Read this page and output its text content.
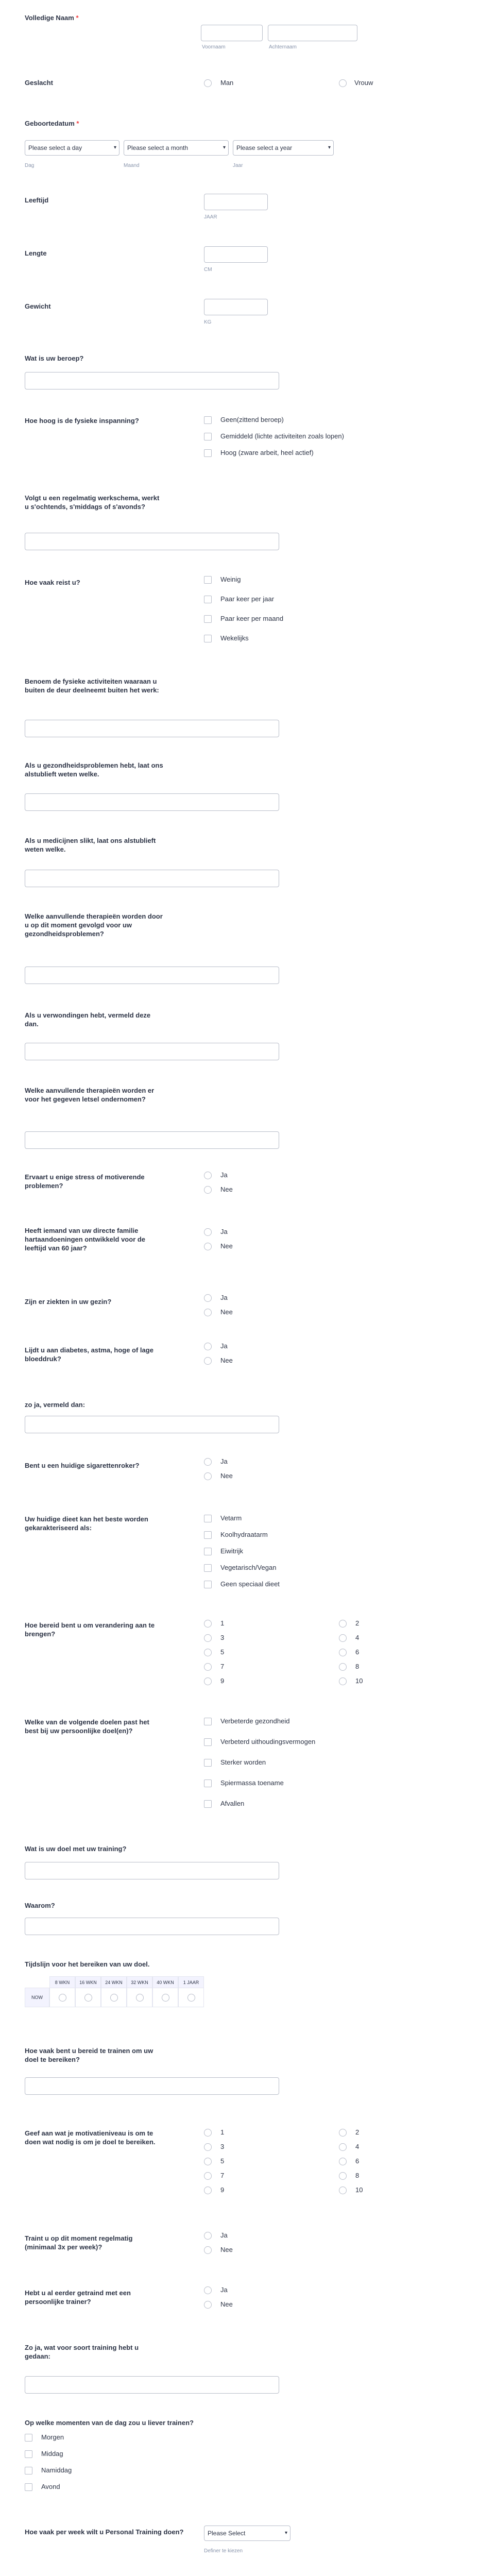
Volledige Naam *
Voornaam	Achternaam
Geslacht	Man	Vrouw
Geboortedatum *
Please select a day ▾	Please select a month ▾	Please select a year ▾
Dag	Maand	Jaar
Leeftijd
JAAR
Lengte
CM
Gewicht
KG
Wat is uw beroep?
Hoe hoog is de fysieke inspanning?	Geen(zittend beroep)
Gemiddeld (lichte activiteiten zoals lopen)
Hoog (zware arbeit, heel actief)
Volgt u een regelmatig werkschema, werkt u s'ochtends, s'middags of s'avonds?
Hoe vaak reist u?	Weinig
Paar keer per jaar
Paar keer per maand
Wekelijks
Benoem de fysieke activiteiten waaraan u buiten de deur deelneemt buiten het werk:
Als u gezondheidsproblemen hebt, laat ons alstublieft weten welke.
Als u medicijnen slikt, laat ons alstublieft weten welke.
Welke aanvullende therapieën worden door u op dit moment gevolgd voor uw gezondheidsproblemen?
Als u verwondingen hebt, vermeld deze dan.
Welke aanvullende therapieën worden er voor het gegeven letsel ondernomen?
Ervaart u enige stress of motiverende problemen?
Ja
Nee
Heeft iemand van uw directe familie hartaandoeningen ontwikkeld voor de leeftijd van 60 jaar?
Ja
Nee
Zijn er ziekten in uw gezin?
Ja
Nee
Lijdt u aan diabetes, astma, hoge of lage bloeddruk?
Ja
Nee
zo ja, vermeld dan:
Bent u een huidige sigarettenroker?
Ja
Nee
Uw huidige dieet kan het beste worden gekarakteriseerd als:
Vetarm
Koolhydraatarm
Eiwitrijk
Vegetarisch/Vegan
Geen speciaal dieet
Hoe bereid bent u om verandering aan te brengen?
1	2
3	4
5	6
7	8
9	10
Welke van de volgende doelen past het best bij uw persoonlijke doel(en)?
Verbeterde gezondheid
Verbeterd uithoudingsvermogen
Sterker worden
Spiermassa toename
Afvallen
Wat is uw doel met uw training?
Waarom?
Tijdslijn voor het bereiken van uw doel.
8 WKN	16 WKN	24 WKN	32 WKN	40 WKN	1 JAAR
NOW
Hoe vaak bent u bereid te trainen om uw doel te bereiken?
Geef aan wat je motivatieniveau is om te doen wat nodig is om je doel te bereiken.
1	2
3	4
5	6
7	8
9	10
Traint u op dit moment regelmatig (minimaal 3x per week)?
Ja
Nee
Hebt u al eerder getraind met een persoonlijke trainer?
Ja
Nee
Zo ja, wat voor soort training hebt u gedaan:
Op welke momenten van de dag zou u liever trainen?
Morgen
Middag
Namiddag
Avond
Hoe vaak per week wilt u Personal Training doen?	Please Select ▾
Definer te kiezen
